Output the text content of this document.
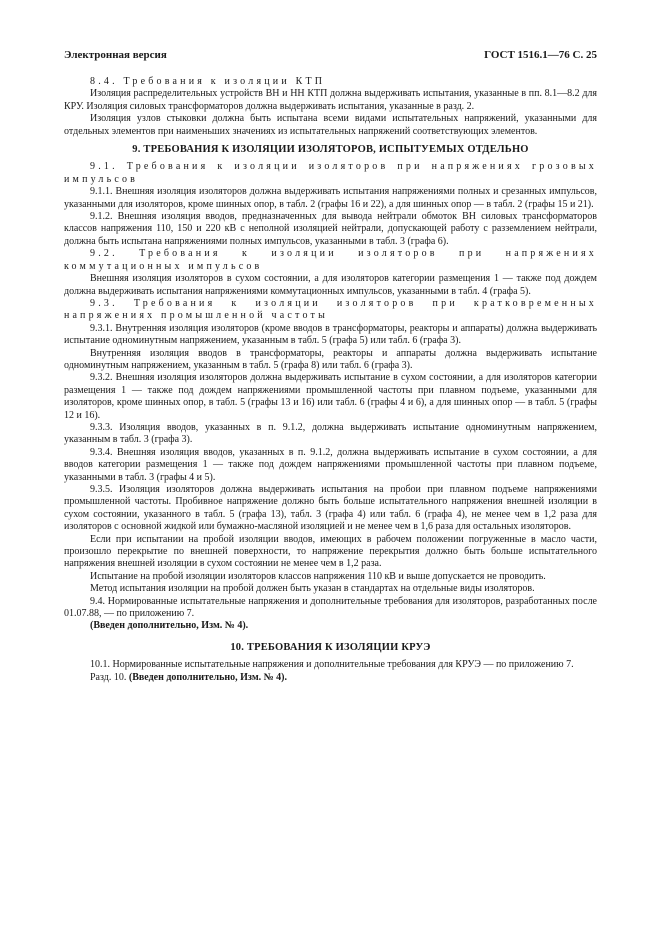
Электронная версия	ГОСТ 1516.1—76 С. 25

8.4. Требования к изоляции КТП

Изоляция распределительных устройств ВН и НН КТП должна выдерживать испытания, указанные в пп. 8.1—8.2 для КРУ. Изоляция силовых трансформаторов должна выдерживать испытания, указанные в разд. 2.

Изоляция узлов стыковки должна быть испытана всеми видами испытательных напряжений, указанными для отдельных элементов при наименьших значениях из испытательных напряжений соответствующих элементов.

9. ТРЕБОВАНИЯ К ИЗОЛЯЦИИ ИЗОЛЯТОРОВ, ИСПЫТУЕМЫХ ОТДЕЛЬНО

9.1. Требования к изоляции изоляторов при напряжениях грозовых импульсов

9.1.1. Внешняя изоляция изоляторов должна выдерживать испытания напряжениями полных и срезанных импульсов, указанными для изоляторов, кроме шинных опор, в табл. 2 (графы 16 и 22), а для шинных опор — в табл. 2 (графы 15 и 21).

9.1.2. Внешняя изоляция вводов, предназначенных для вывода нейтрали обмоток ВН силовых трансформаторов классов напряжения 110, 150 и 220 кВ с неполной изоляцией нейтрали, допускающей работу с разземлением нейтрали, должна быть испытана напряжениями полных импульсов, указанными в табл. 3 (графа 6).

9.2. Требования к изоляции изоляторов при напряжениях коммутационных импульсов

Внешняя изоляция изоляторов в сухом состоянии, а для изоляторов категории размещения 1 — также под дождем должна выдерживать испытания напряжениями коммутационных импульсов, указанными в табл. 4 (графа 5).

9.3. Требования к изоляции изоляторов при кратковременных напряжениях промышленной частоты

9.3.1. Внутренняя изоляция изоляторов (кроме вводов в трансформаторы, реакторы и аппараты) должна выдерживать испытание одноминутным напряжением, указанным в табл. 5 (графа 5) или табл. 6 (графа 3).

Внутренняя изоляция вводов в трансформаторы, реакторы и аппараты должна выдерживать испытание одноминутным напряжением, указанным в табл. 5 (графа 8) или табл. 6 (графа 3).

9.3.2. Внешняя изоляция изоляторов должна выдерживать испытание в сухом состоянии, а для изоляторов категории размещения 1 — также под дождем напряжениями промышленной частоты при плавном подъеме, указанными для изоляторов, кроме шинных опор, в табл. 5 (графы 13 и 16) или табл. 6 (графы 4 и 6), а для шинных опор — в табл. 5 (графы 12 и 16).

9.3.3. Изоляция вводов, указанных в п. 9.1.2, должна выдерживать испытание одноминутным напряжением, указанным в табл. 3 (графа 3).

9.3.4. Внешняя изоляция вводов, указанных в п. 9.1.2, должна выдерживать испытание в сухом состоянии, а для вводов категории размещения 1 — также под дождем напряжениями промышленной частоты при плавном подъеме, указанными в табл. 3 (графы 4 и 5).

9.3.5. Изоляция изоляторов должна выдерживать испытания на пробои при плавном подъеме напряжениями промышленной частоты. Пробивное напряжение должно быть больше испытательного напряжения внешней изоляции в сухом состоянии, указанного в табл. 5 (графа 13), табл. 3 (графа 4) или табл. 6 (графа 4), не менее чем в 1,2 раза для изоляторов с основной жидкой или бумажно-масляной изоляцией и не менее чем в 1,6 раза для остальных изоляторов.

Если при испытании на пробой изоляции вводов, имеющих в рабочем положении погруженные в масло части, произошло перекрытие по внешней поверхности, то напряжение перекрытия должно быть больше испытательного напряжения внешней изоляции в сухом состоянии не менее чем в 1,2 раза.

Испытание на пробой изоляции изоляторов классов напряжения 110 кВ и выше допускается не проводить.

Метод испытания изоляции на пробой должен быть указан в стандартах на отдельные виды изоляторов.

9.4. Нормированные испытательные напряжения и дополнительные требования для изоляторов, разработанных после 01.07.88, — по приложению 7.

(Введен дополнительно, Изм. № 4).

10. ТРЕБОВАНИЯ К ИЗОЛЯЦИИ КРУЭ

10.1. Нормированные испытательные напряжения и дополнительные требования для КРУЭ — по приложению 7.

Разд. 10. (Введен дополнительно, Изм. № 4).
